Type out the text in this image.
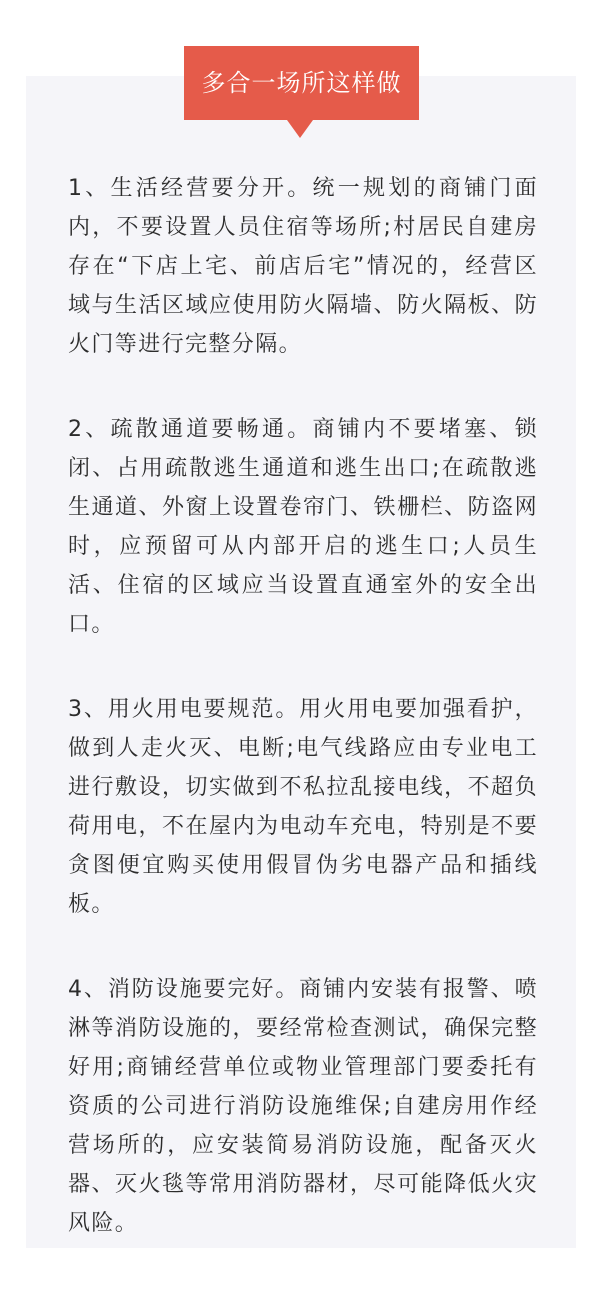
多合一场所这样做

1、生活经营要分开。统一规划的商铺门面内，不要设置人员住宿等场所;村居民自建房存在“下店上宅、前店后宅”情况的，经营区域与生活区域应使用防火隔墙、防火隔板、防火门等进行完整分隔。

2、疏散通道要畅通。商铺内不要堵塞、锁闭、占用疏散逃生通道和逃生出口;在疏散逃生通道、外窗上设置卷帘门、铁栅栏、防盗网时，应预留可从内部开启的逃生口;人员生活、住宿的区域应当设置直通室外的安全出口。

3、用火用电要规范。用火用电要加强看护，做到人走火灭、电断;电气线路应由专业电工进行敷设，切实做到不私拉乱接电线，不超负荷用电，不在屋内为电动车充电，特别是不要贪图便宜购买使用假冒伪劣电器产品和插线板。

4、消防设施要完好。商铺内安装有报警、喷淋等消防设施的，要经常检查测试，确保完整好用;商铺经营单位或物业管理部门要委托有资质的公司进行消防设施维保;自建房用作经营场所的，应安装简易消防设施，配备灭火器、灭火毯等常用消防器材，尽可能降低火灾风险。
